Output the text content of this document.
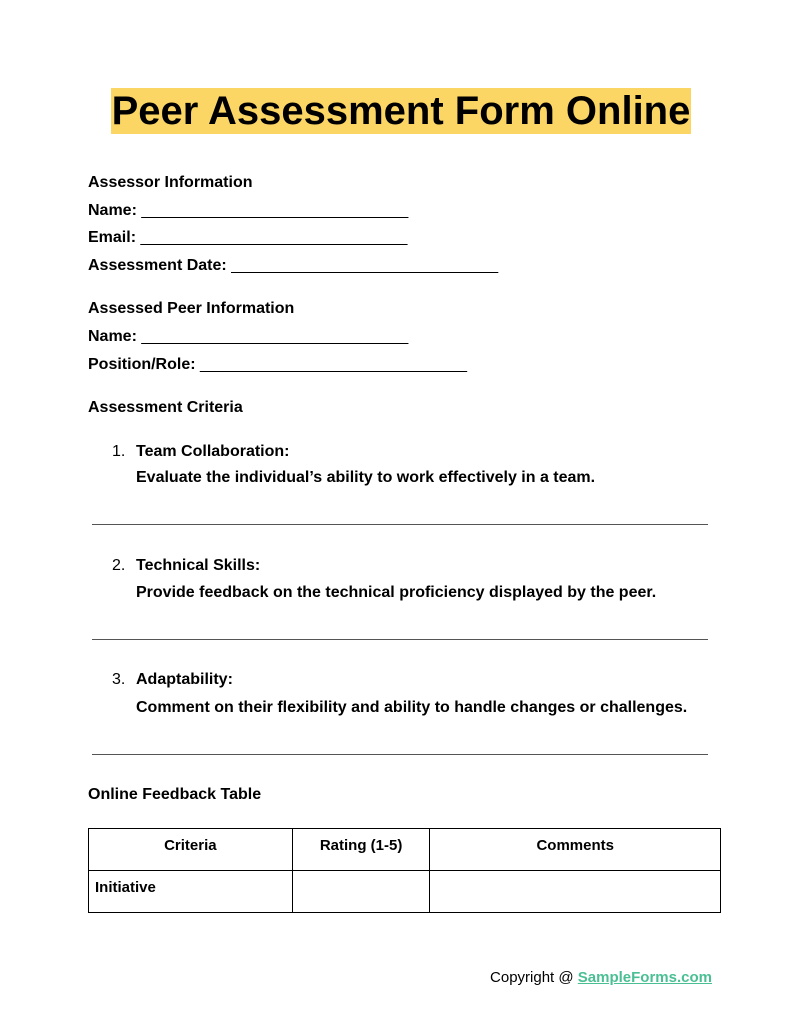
Peer Assessment Form Online
Assessor Information
Name: ______________________________
Email: ______________________________
Assessment Date: ______________________________
Assessed Peer Information
Name: ______________________________
Position/Role: ______________________________
Assessment Criteria
1. Team Collaboration:
Evaluate the individual’s ability to work effectively in a team.
2. Technical Skills:
Provide feedback on the technical proficiency displayed by the peer.
3. Adaptability:
Comment on their flexibility and ability to handle changes or challenges.
Online Feedback Table
Criteria	Rating (1-5)	Comments
Initiative		
Copyright @ SampleForms.com
